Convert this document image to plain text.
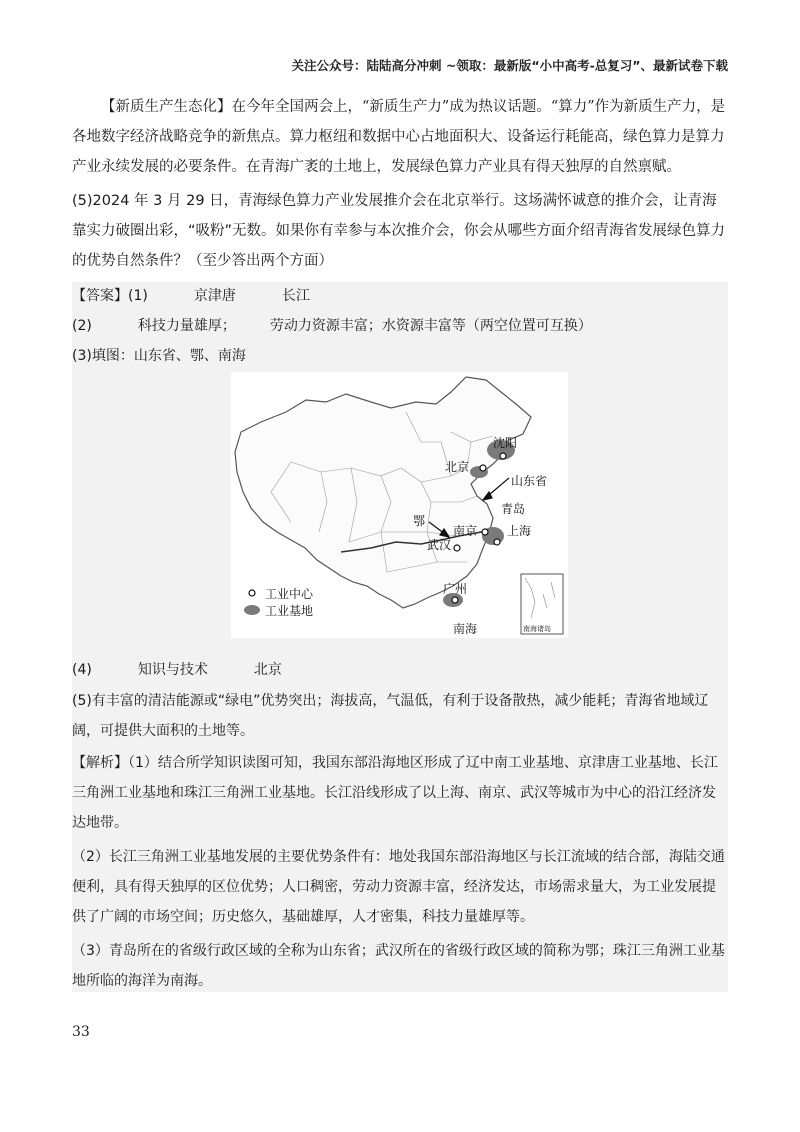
关注公众号：陆陆高分冲刺 ~领取：最新版“小中高考-总复习”、最新试卷下载
【新质生产生态化】在今年全国两会上，“新质生产力”成为热议话题。“算力”作为新质生产力，是各地数字经济战略竞争的新焦点。算力枢纽和数据中心占地面积大、设备运行耗能高，绿色算力是算力产业永续发展的必要条件。在青海广袤的土地上，发展绿色算力产业具有得天独厚的自然禀赋。
(5)2024 年 3 月 29 日，青海绿色算力产业发展推介会在北京举行。这场满怀诚意的推介会，让青海靠实力破圈出彩，“吸粉”无数。如果你有幸参与本次推介会，你会从哪些方面介绍青海省发展绿色算力的优势自然条件？（至少答出两个方面）
【答案】(1)	京津唐	长江
(2)	科技力量雄厚； 劳动力资源丰富；水资源丰富等（两空位置可互换）
(3)填图：山东省、鄂、南海
沈阳
北京
山东省
青岛
鄂
南京 上海
武汉
广州
南海
工业中心
工业基地
南海诸岛
(4)	知识与技术	北京
(5)有丰富的清洁能源或“绿电”优势突出；海拔高，气温低，有利于设备散热，减少能耗；青海省地域辽阔，可提供大面积的土地等。
【解析】（1）结合所学知识读图可知，我国东部沿海地区形成了辽中南工业基地、京津唐工业基地、长江三角洲工业基地和珠江三角洲工业基地。长江沿线形成了以上海、南京、武汉等城市为中心的沿江经济发达地带。
（2）长江三角洲工业基地发展的主要优势条件有：地处我国东部沿海地区与长江流域的结合部，海陆交通便利，具有得天独厚的区位优势；人口稠密，劳动力资源丰富，经济发达，市场需求量大，为工业发展提供了广阔的市场空间；历史悠久，基础雄厚，人才密集，科技力量雄厚等。
（3）青岛所在的省级行政区域的全称为山东省；武汉所在的省级行政区域的简称为鄂；珠江三角洲工业基地所临的海洋为南海。
33
